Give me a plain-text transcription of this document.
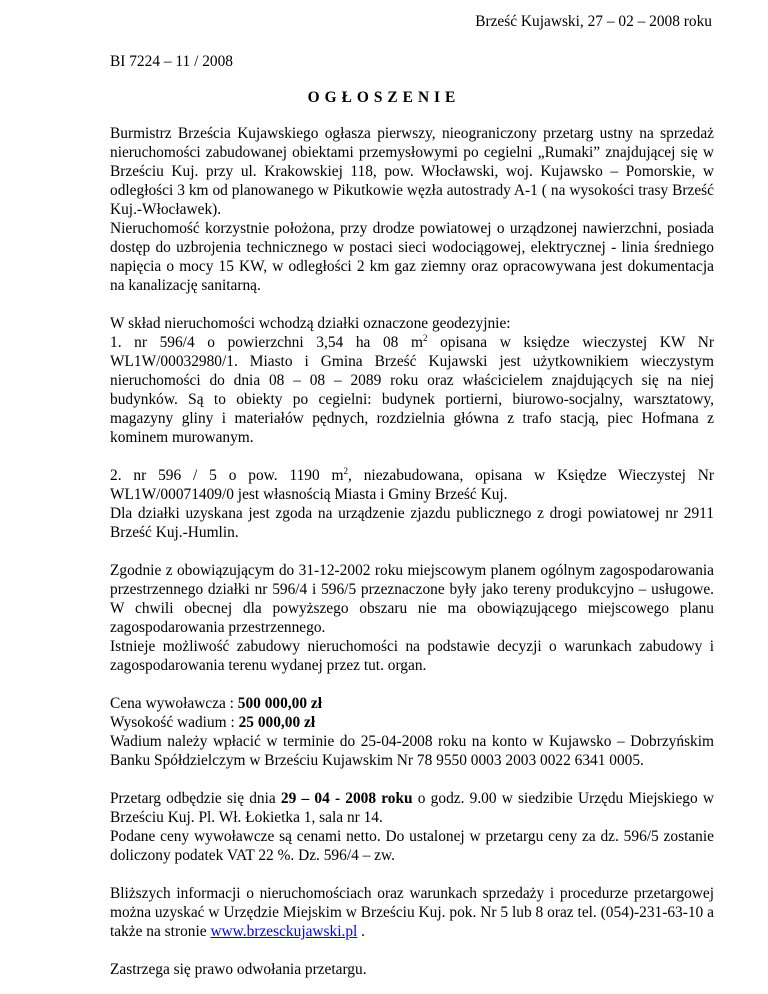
Brześć Kujawski, 27 – 02 – 2008 roku
BI 7224 – 11 / 2008
OGŁOSZENIE

Burmistrz Brześcia Kujawskiego ogłasza pierwszy, nieograniczony przetarg ustny na sprzedaż nieruchomości zabudowanej obiektami przemysłowymi po cegielni „Rumaki” znajdującej się w Brześciu Kuj. przy ul. Krakowskiej 118, pow. Włocławski, woj. Kujawsko – Pomorskie, w odległości 3 km od planowanego w Pikutkowie węzła autostrady A-1 ( na wysokości trasy Brześć Kuj.-Włocławek).
Nieruchomość korzystnie położona, przy drodze powiatowej o urządzonej nawierzchni, posiada dostęp do uzbrojenia technicznego w postaci sieci wodociągowej, elektrycznej - linia średniego napięcia o mocy 15 KW, w odległości 2 km gaz ziemny oraz opracowywana jest dokumentacja na kanalizację sanitarną.

W skład nieruchomości wchodzą działki oznaczone geodezyjnie:
1. nr 596/4 o powierzchni 3,54 ha 08 $m^2$ opisana w księdze wieczystej KW Nr WL1W/00032980/1. Miasto i Gmina Brześć Kujawski jest użytkownikiem wieczystym nieruchomości do dnia 08 – 08 – 2089 roku oraz właścicielem znajdujących się na niej budynków. Są to obiekty po cegielni: budynek portierni, biurowo-socjalny, warsztatowy, magazyny gliny i materiałów pędnych, rozdzielnia główna z trafo stacją, piec Hofmana z kominem murowanym.

2. nr 596 / 5 o pow. 1190 $m^2$, niezabudowana, opisana w Księdze Wieczystej Nr WL1W/00071409/0 jest własnością Miasta i Gminy Brześć Kuj.
Dla działki uzyskana jest zgoda na urządzenie zjazdu publicznego z drogi powiatowej nr 2911 Brześć Kuj.-Humlin.

Zgodnie z obowiązującym do 31-12-2002 roku miejscowym planem ogólnym zagospodarowania przestrzennego działki nr 596/4 i 596/5 przeznaczone były jako tereny produkcyjno – usługowe. W chwili obecnej dla powyższego obszaru nie ma obowiązującego miejscowego planu zagospodarowania przestrzennego.
Istnieje możliwość zabudowy nieruchomości na podstawie decyzji o warunkach zabudowy i zagospodarowania terenu wydanej przez tut. organ.

Cena wywoławcza : 500 000,00 zł
Wysokość wadium : 25 000,00 zł
Wadium należy wpłacić w terminie do 25-04-2008 roku na konto w Kujawsko – Dobrzyńskim Banku Spółdzielczym w Brześciu Kujawskim Nr 78 9550 0003 2003 0022 6341 0005.

Przetarg odbędzie się dnia 29 – 04 - 2008 roku o godz. 9.00 w siedzibie Urzędu Miejskiego w Brześciu Kuj. Pl. Wł. Łokietka 1, sala nr 14.
Podane ceny wywoławcze są cenami netto. Do ustalonej w przetargu ceny za dz. 596/5 zostanie doliczony podatek VAT 22 %. Dz. 596/4 – zw.

Bliższych informacji o nieruchomościach oraz warunkach sprzedaży i procedurze przetargowej można uzyskać w Urzędzie Miejskim w Brześciu Kuj. pok. Nr 5 lub 8 oraz tel. (054)-231-63-10 a także na stronie www.brzesckujawski.pl .

Zastrzega się prawo odwołania przetargu.
